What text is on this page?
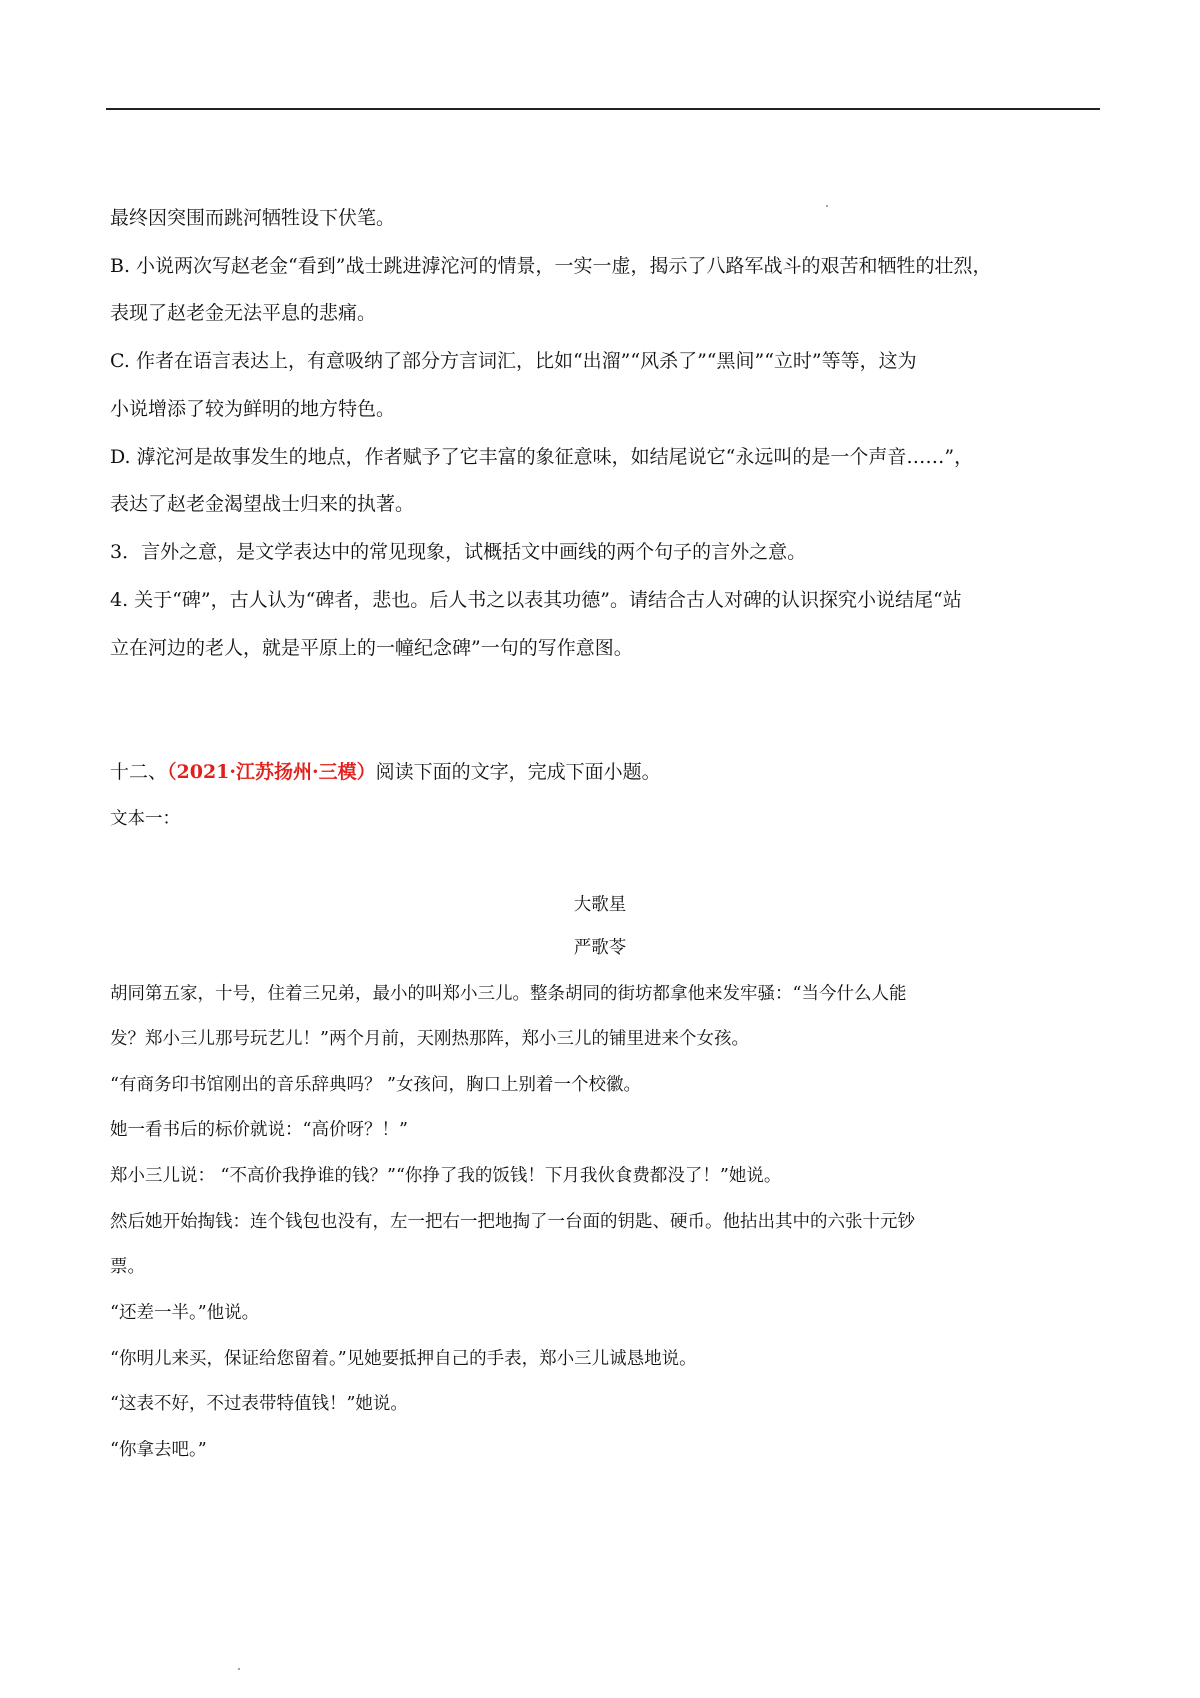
最终因突围而跳河牺牲设下伏笔。
B. 小说两次写赵老金“看到”战士跳进滹沱河的情景，一实一虚，揭示了八路军战斗的艰苦和牺牲的壮烈，
表现了赵老金无法平息的悲痛。
C. 作者在语言表达上，有意吸纳了部分方言词汇，比如“出溜”“风杀了”“黑间”“立时”等等，这为
小说增添了较为鲜明的地方特色。
D. 滹沱河是故事发生的地点，作者赋予了它丰富的象征意味，如结尾说它“永远叫的是一个声音……”，
表达了赵老金渴望战士归来的执著。
3．言外之意，是文学表达中的常见现象，试概括文中画线的两个句子的言外之意。
4. 关于“碑”，古人认为“碑者，悲也。后人书之以表其功德”。请结合古人对碑的认识探究小说结尾“站
立在河边的老人，就是平原上的一幢纪念碑”一句的写作意图。
十二、（2021·江苏扬州·三模）阅读下面的文字，完成下面小题。
文本一：
大歌星
严歌苓
胡同第五家，十号，住着三兄弟，最小的叫郑小三儿。整条胡同的街坊都拿他来发牢骚：“当今什么人能
发？郑小三儿那号玩艺儿！”两个月前，天刚热那阵，郑小三儿的铺里进来个女孩。
“有商务印书馆刚出的音乐辞典吗？ ”女孩问，胸口上别着一个校徽。
她一看书后的标价就说：“高价呀？！”
郑小三儿说： “不高价我挣谁的钱？”“你挣了我的饭钱！下月我伙食费都没了！”她说。
然后她开始掏钱：连个钱包也没有，左一把右一把地掏了一台面的钥匙、硬币。他拈出其中的六张十元钞
票。
“还差一半。”他说。
“你明儿来买，保证给您留着。”见她要抵押自己的手表，郑小三儿诚恳地说。
“这表不好，不过表带特值钱！”她说。
“你拿去吧。”
